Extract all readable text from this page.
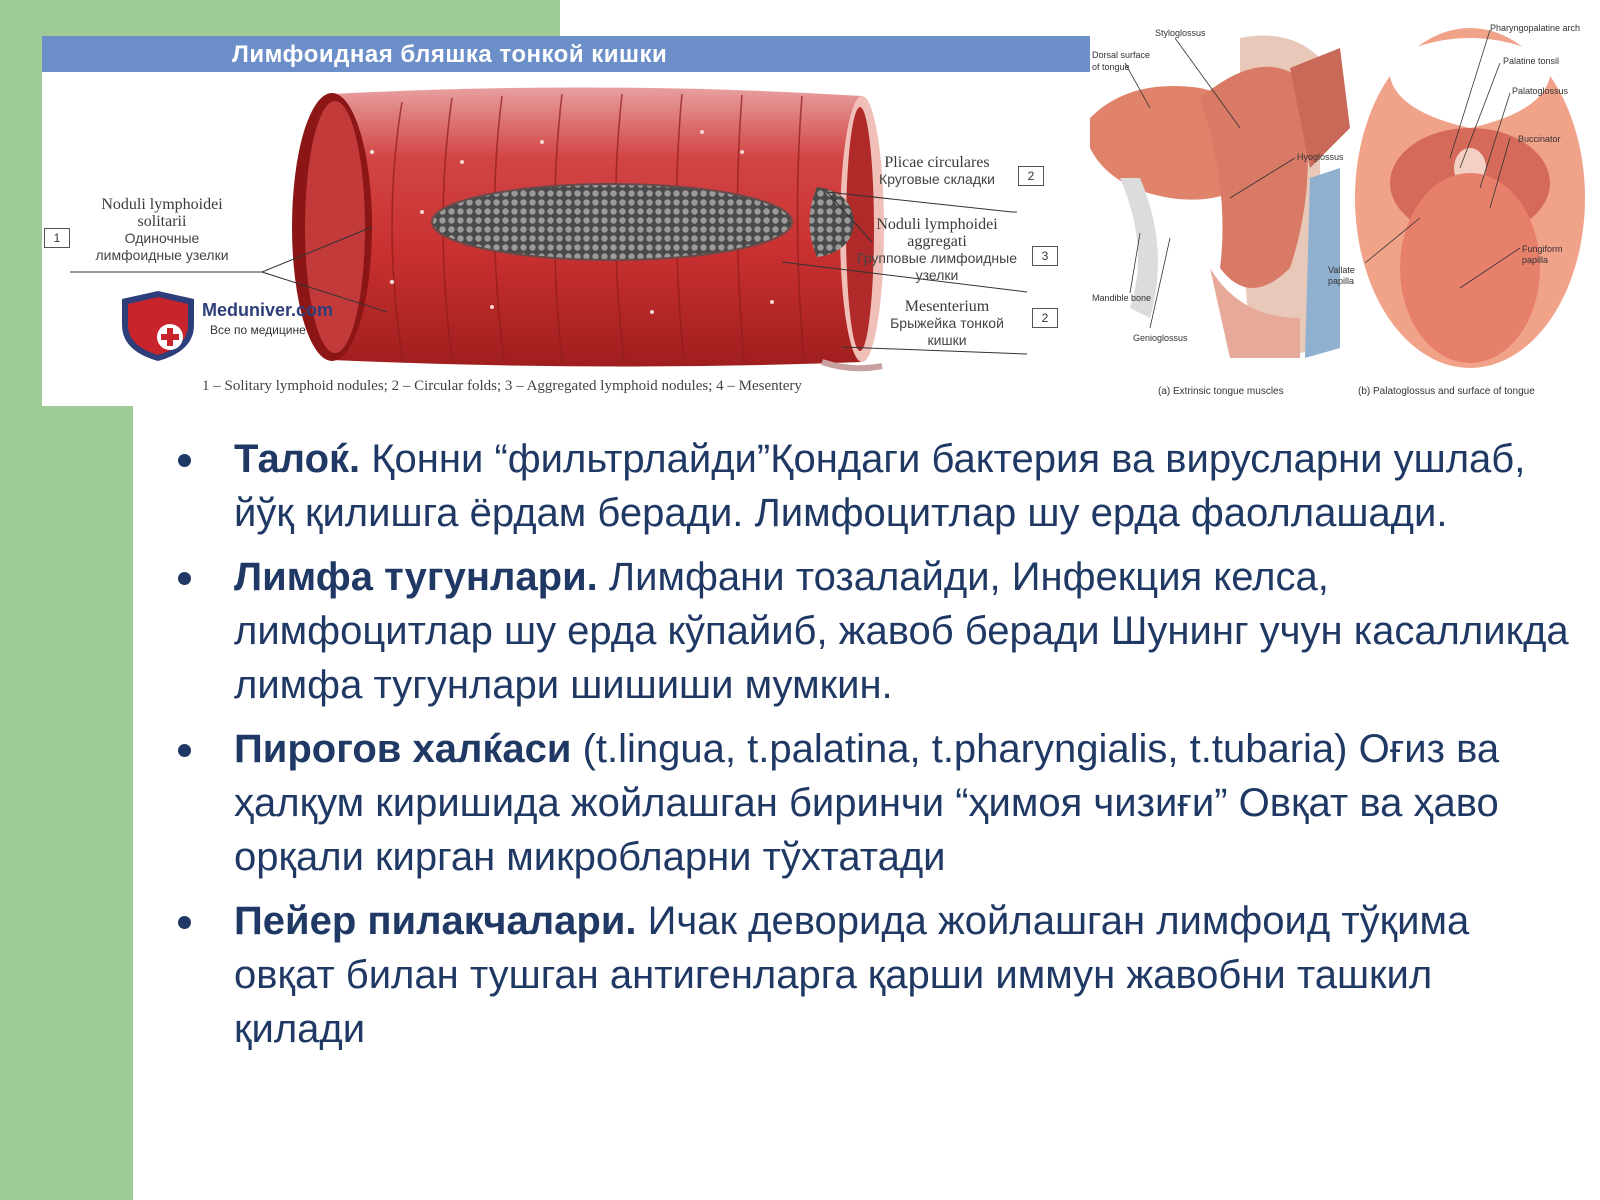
Лимфоидная бляшка тонкой кишки
1
Noduli lymphoidei solitarii
Одиночные лимфоидные узелки
Plicae circulares
Круговые складки	2
Noduli lymphoidei aggregati
Групповые лимфоидные узелки
3
Mesenterium
Брыжейка тонкой кишки
2
Meduniver.com
Все по медицине
1 – Solitary lymphoid nodules; 2 – Circular folds; 3 – Aggregated lymphoid nodules; 4 – Mesentery
Styloglossus
Dorsal surface
of tongue
Hyoglossus
Mandible bone
Genioglossus
Pharyngopalatine arch
Palatine tonsil
Palatoglossus
Buccinator
Vallate
papilla
Fungiform
papilla
(a) Extrinsic tongue muscles	(b) Palatoglossus and surface of tongue
Талоќ. Қонни “фильтрлайди”Қондаги бактерия ва вирусларни ушлаб, йўқ қилишга ёрдам беради. Лимфоцитлар шу ерда фаоллашади.
Лимфа тугунлари. Лимфани тозалайди, Инфекция келса, лимфоцитлар шу ерда кўпайиб, жавоб беради Шунинг учун касалликда лимфа тугунлари шишиши мумкин.
Пирогов халќаси (t.lingua, t.palatina, t.pharyngialis, t.tubaria) Оғиз ва ҳалқум киришида жойлашган биринчи “ҳимоя чизиғи” Овқат ва ҳаво орқали кирган микробларни тўхтатади
Пейер пилакчалари. Ичак деворида жойлашган лимфоид тўқима овқат билан тушган антигенларга қарши иммун жавобни ташкил қилади
